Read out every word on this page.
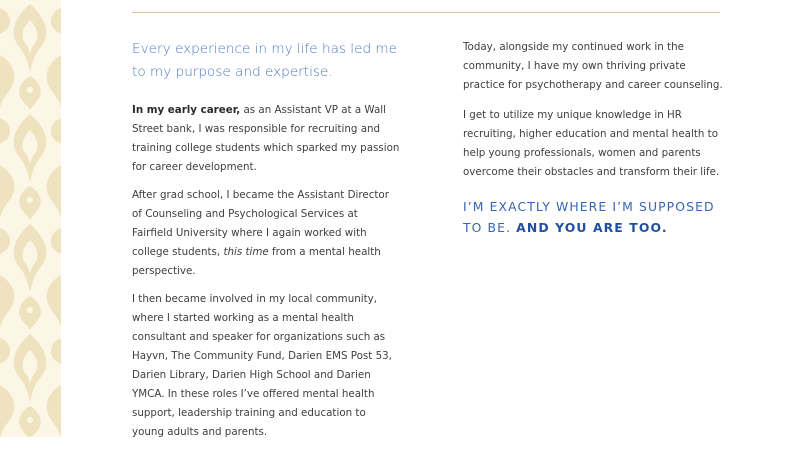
Every experience in my life has led me to my purpose and expertise.

In my early career, as an Assistant VP at a Wall Street bank, I was responsible for recruiting and training college students which sparked my passion for career development.

After grad school, I became the Assistant Director of Counseling and Psychological Services at Fairfield University where I again worked with college students, this time from a mental health perspective.

I then became involved in my local community, where I started working as a mental health consultant and speaker for organizations such as Hayvn, The Community Fund, Darien EMS Post 53, Darien Library, Darien High School and Darien YMCA. In these roles I’ve offered mental health support, leadership training and education to young adults and parents.

Today, alongside my continued work in the community, I have my own thriving private practice for psychotherapy and career counseling.

I get to utilize my unique knowledge in HR recruiting, higher education and mental health to help young professionals, women and parents overcome their obstacles and transform their life.

I’M EXACTLY WHERE I’M SUPPOSED TO BE. AND YOU ARE TOO.
